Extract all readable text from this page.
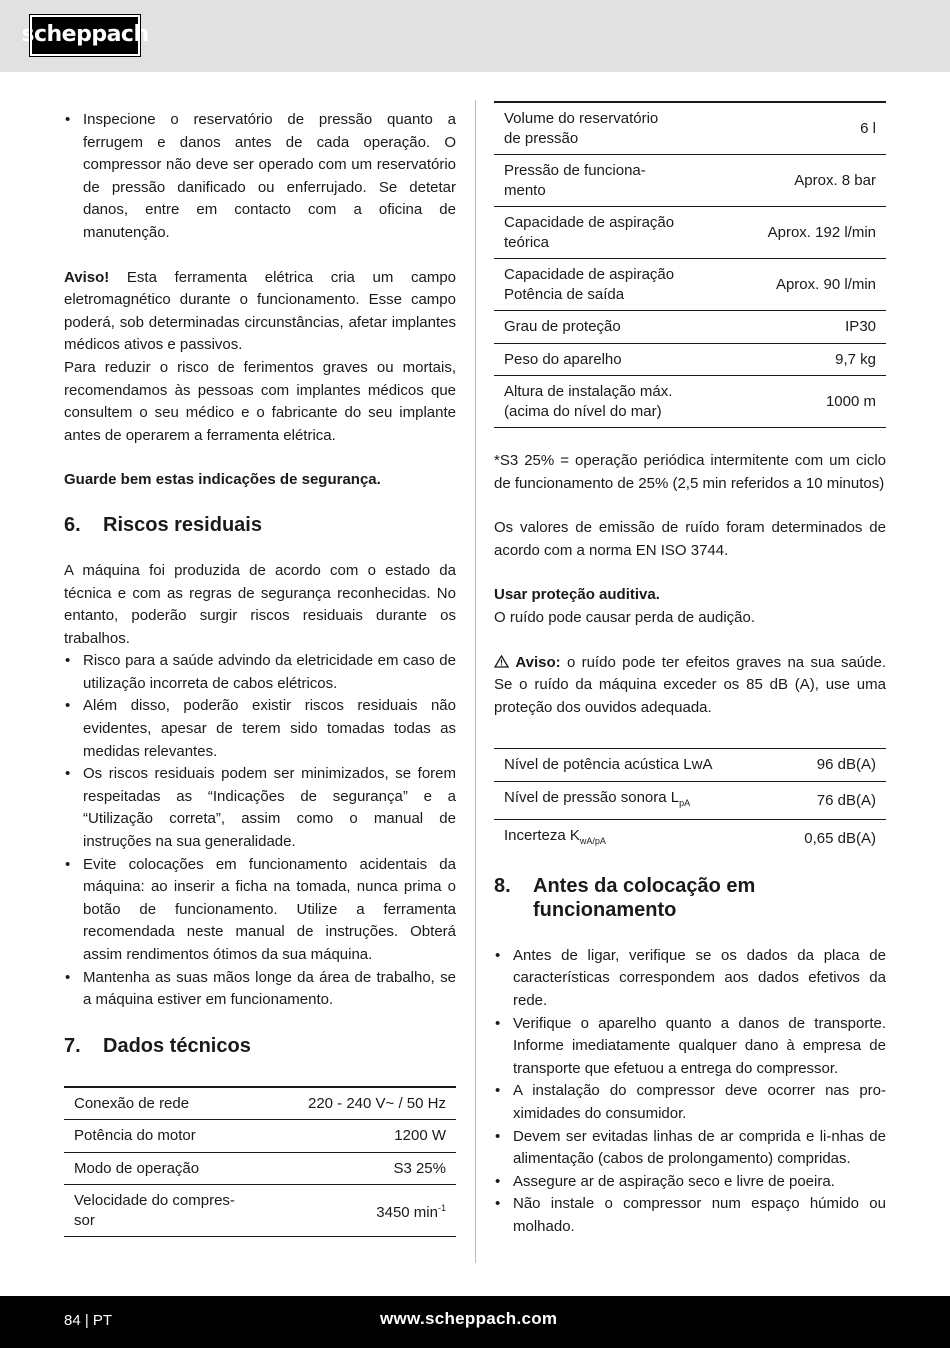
scheppach
• Inspecione o reservatório de pressão quanto a ferrugem e danos antes de cada operação. O compressor não deve ser operado com um reservatório de pressão danificado ou enferrujado. Se detetar danos, entre em contacto com a oficina de manutenção.

Aviso! Esta ferramenta elétrica cria um campo eletromagnético durante o funcionamento. Esse campo poderá, sob determinadas circunstâncias, afetar implantes médicos ativos e passivos.

Para reduzir o risco de ferimentos graves ou mortais, recomendamos às pessoas com implantes médicos que consultem o seu médico e o fabricante do seu implante antes de operarem a ferramenta elétrica.

Guarde bem estas indicações de segurança.

6.	Riscos residuais

A máquina foi produzida de acordo com o estado da técnica e com as regras de segurança reconhecidas. No entanto, poderão surgir riscos residuais durante os trabalhos.

• Risco para a saúde advindo da eletricidade em caso de utilização incorreta de cabos elétricos.
• Além disso, poderão existir riscos residuais não evidentes, apesar de terem sido tomadas todas as medidas relevantes.
• Os riscos residuais podem ser minimizados, se forem respeitadas as “Indicações de segurança” e a “Utilização correta”, assim como o manual de instruções na sua generalidade.
• Evite colocações em funcionamento acidentais da máquina: ao inserir a ficha na tomada, nunca prima o botão de funcionamento. Utilize a ferramenta recomendada neste manual de instruções. Obterá assim rendimentos ótimos da sua máquina.
• Mantenha as suas mãos longe da área de trabalho, se a máquina estiver em funcionamento.
7.	Dados técnicos
Conexão de rede	220 - 240 V~ / 50 Hz
Potência do motor	1200 W
Modo de operação	S3 25%
Velocidade do compres-
sor	3450 $\min^{-1}$
Volume do reservatório
de pressão	6 l
Pressão de funciona-
mento	Aprox. 8 bar
Capacidade de aspiração
teórica	Aprox. 192 l/min
Capacidade de aspiração
Potência de saída	Aprox. 90 l/min
Grau de proteção	IP30
Peso do aparelho	9,7 kg
Altura de instalação máx.
(acima do nível do mar)	1000 m

*S3 25% = operação periódica intermitente com um ciclo de funcionamento de 25% (2,5 min referidos a 10 minutos)

Os valores de emissão de ruído foram determinados de acordo com a norma EN ISO 3744.

Usar proteção auditiva.

O ruído pode causar perda de audição.

Aviso: o ruído pode ter efeitos graves na sua saúde. Se o ruído da máquina exceder os 85 dB (A), use uma proteção dos ouvidos adequada.

Nível de potência acústica LwA	96 dB(A)
Nível de pressão sonora $L_{pA}$	76 dB(A)
Incerteza $K_{wA/pA}$	0,65 dB(A)
8.	Antes da colocação em funcionamento
• Antes de ligar, verifique se os dados da placa de características correspondem aos dados efetivos da rede.
• Verifique o aparelho quanto a danos de transporte. Informe imediatamente qualquer dano à empresa de transporte que efetuou a entrega do compressor.
• A instalação do compressor deve ocorrer nas pro-ximidades do consumidor.
• Devem ser evitadas linhas de ar comprida e li-nhas de alimentação (cabos de prolongamento) compridas.
• Assegure ar de aspiração seco e livre de poeira.
• Não instale o compressor num espaço húmido ou molhado.
84 | PT	www.scheppach.com
